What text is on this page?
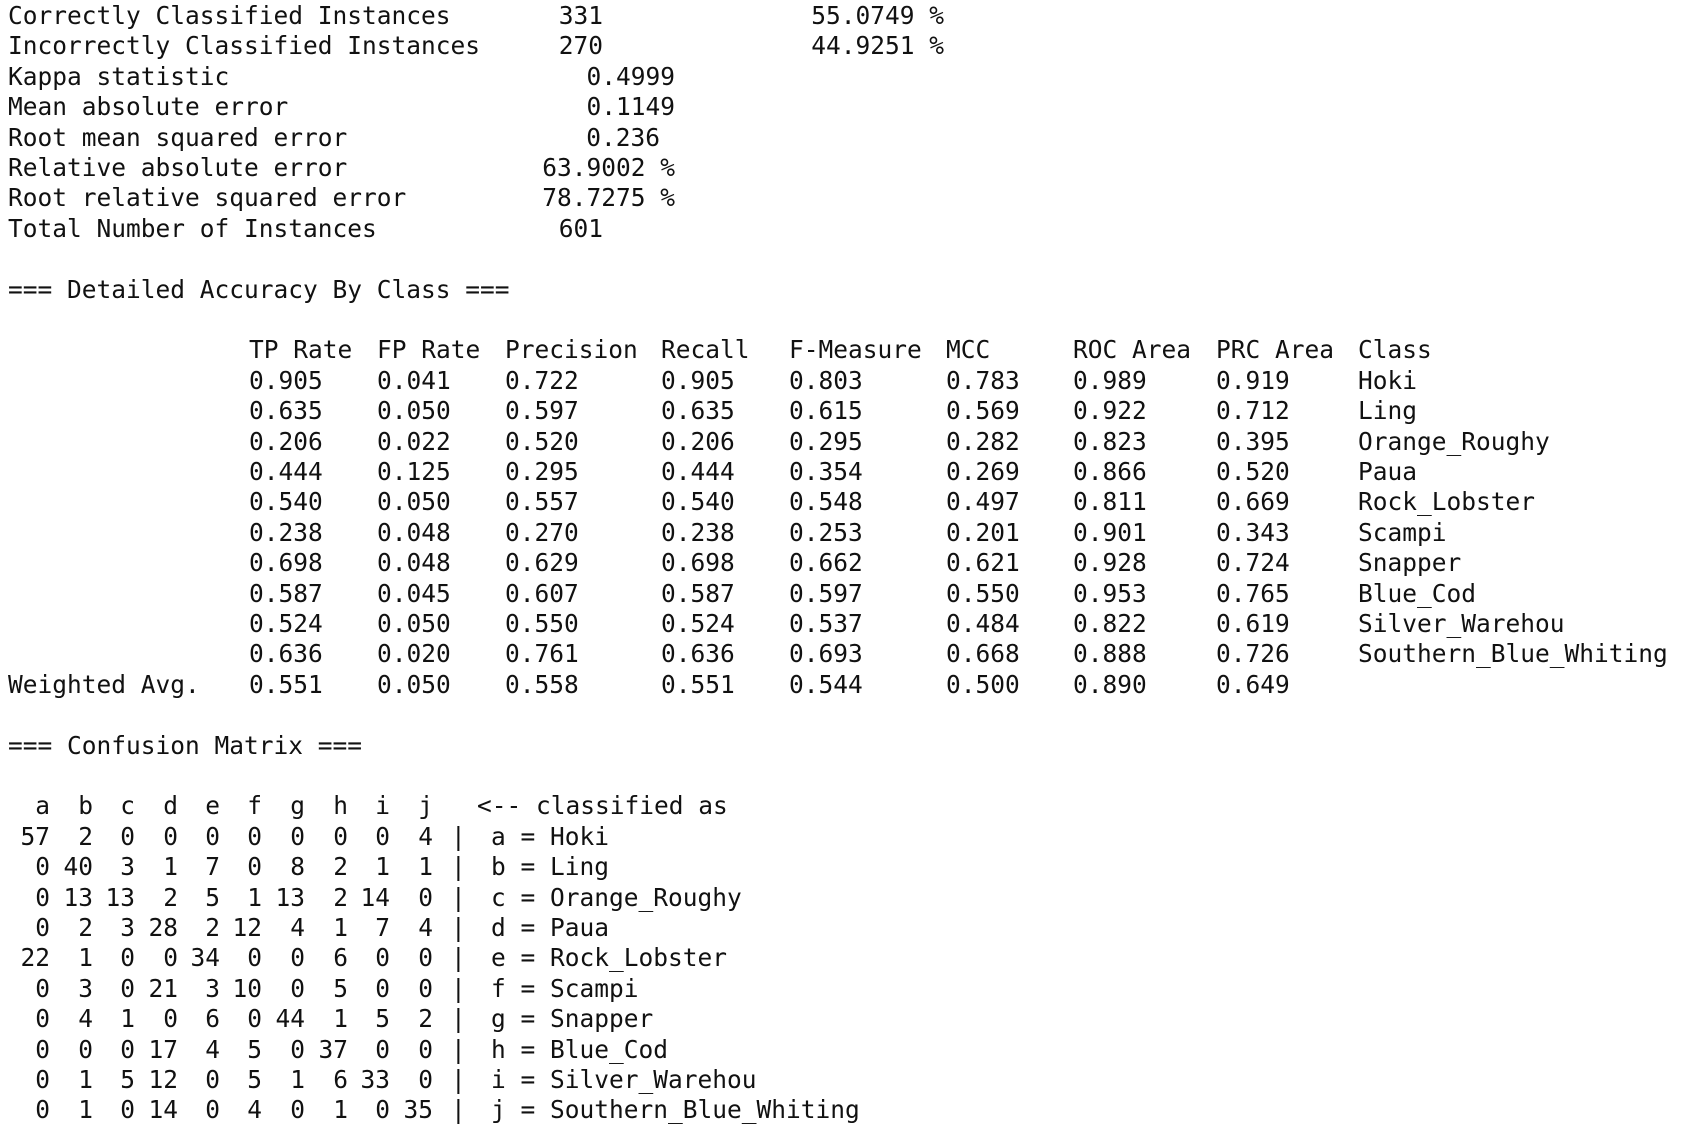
Correctly Classified Instances	331	55.0749 %
Incorrectly Classified Instances	270	44.9251 %
Kappa statistic	0.4999
Mean absolute error	0.1149
Root mean squared error	0.236
Relative absolute error	63.9002 %
Root relative squared error	78.7275 %
Total Number of Instances	601
=== Detailed Accuracy By Class ===
TP Rate FP Rate Precision Recall F-Measure MCC	ROC Area PRC Area Class
0.905 0.041 0.722	0.905 0.803	0.783 0.989	0.919	Hoki
0.635 0.050 0.597	0.635 0.615	0.569 0.922	0.712	Ling
0.206 0.022 0.520	0.206 0.295	0.282 0.823	0.395	Orange_Roughy
0.444 0.125 0.295	0.444 0.354	0.269 0.866	0.520	Paua
0.540 0.050 0.557	0.540 0.548	0.497 0.811	0.669	Rock_Lobster
0.238 0.048 0.270	0.238 0.253	0.201 0.901	0.343	Scampi
0.698 0.048 0.629	0.698 0.662	0.621 0.928	0.724	Snapper
0.587 0.045 0.607	0.587 0.597	0.550 0.953	0.765	Blue_Cod
0.524 0.050 0.550	0.524 0.537	0.484 0.822	0.619	Silver_Warehou
0.636 0.020 0.761	0.636 0.693	0.668 0.888	0.726	Southern_Blue_Whiting
Weighted Avg. 0.551 0.050 0.558	0.551 0.544	0.500 0.890	0.649
=== Confusion Matrix ===
a	b	c	d	e	f	g	h	i	j <-- classified as
57	2	0	0	0	0	0	0	0	4 | a = Hoki
0 40	3	1	7	0	8	2	1	1 | b = Ling
0 13 13	2	5	1 13	2 14	0 | c = Orange_Roughy
0	2	3 28	2 12	4	1	7	4 | d = Paua
22	1	0	0 34	0	0	6	0	0 | e = Rock_Lobster
0	3	0 21	3 10	0	5	0	0 | f = Scampi
0	4	1	0	6	0 44	1	5	2 | g = Snapper
0	0	0 17	4	5	0 37	0	0 | h = Blue_Cod
0	1	5 12	0	5	1	6 33	0 | i = Silver_Warehou
0	1	0 14	0	4	0	1	0 35 | j = Southern_Blue_Whiting
